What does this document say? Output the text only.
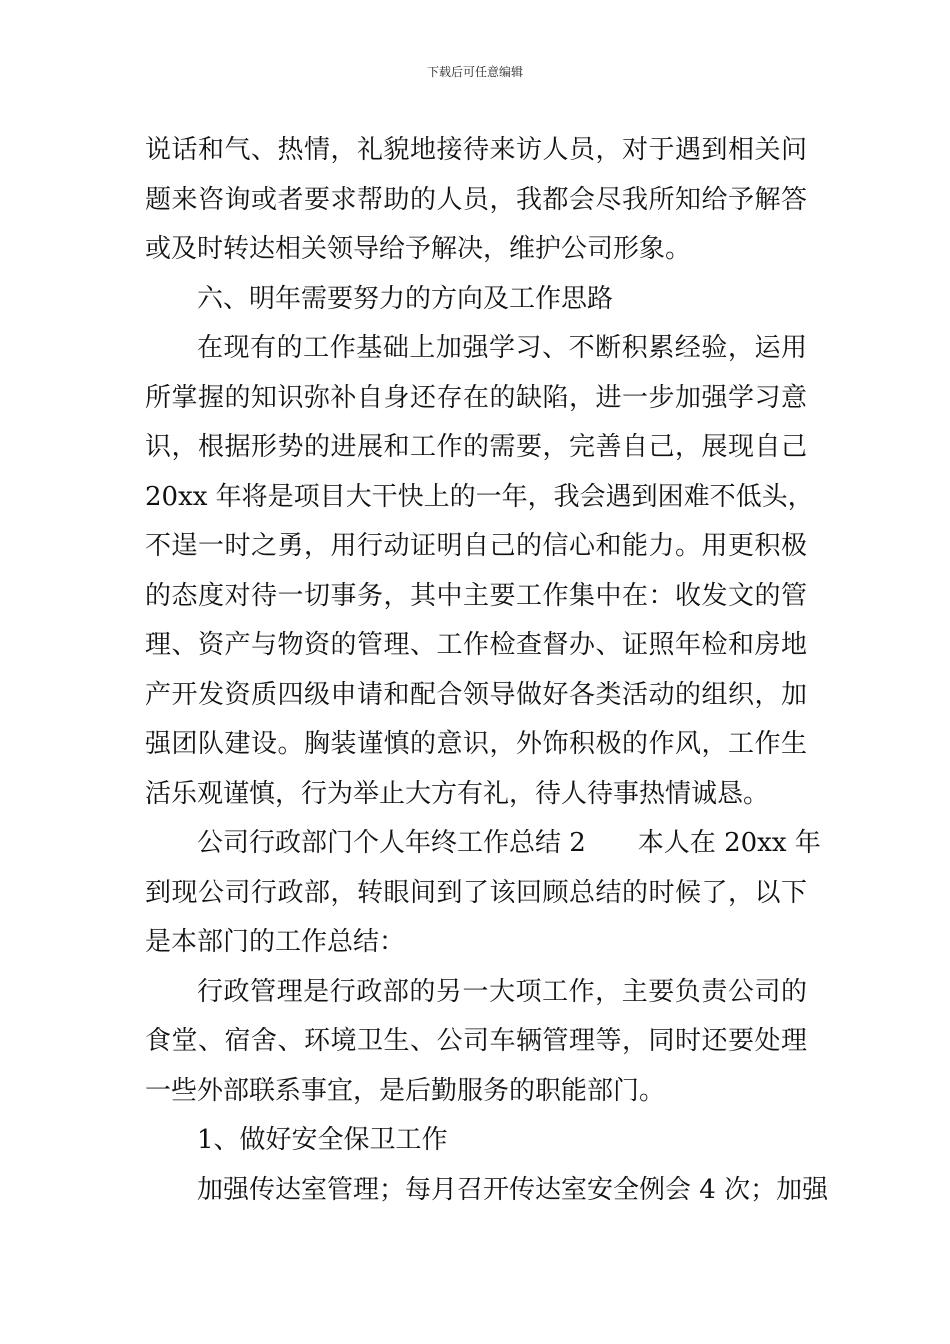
下载后可任意编辑
说话和气、热情，礼貌地接待来访人员，对于遇到相关问
题来咨询或者要求帮助的人员，我都会尽我所知给予解答
或及时转达相关领导给予解决，维护公司形象。
六、明年需要努力的方向及工作思路
在现有的工作基础上加强学习、不断积累经验，运用
所掌握的知识弥补自身还存在的缺陷，进一步加强学习意
识，根据形势的进展和工作的需要，完善自己，展现自己
20xx 年将是项目大干快上的一年，我会遇到困难不低头，
不逞一时之勇，用行动证明自己的信心和能力。用更积极
的态度对待一切事务，其中主要工作集中在：收发文的管
理、资产与物资的管理、工作检查督办、证照年检和房地
产开发资质四级申请和配合领导做好各类活动的组织，加
强团队建设。胸装谨慎的意识，外饰积极的作风，工作生
活乐观谨慎，行为举止大方有礼，待人待事热情诚恳。
公司行政部门个人年终工作总结 2　　本人在 20xx 年
到现公司行政部，转眼间到了该回顾总结的时候了，以下
是本部门的工作总结：
行政管理是行政部的另一大项工作，主要负责公司的
食堂、宿舍、环境卫生、公司车辆管理等，同时还要处理
一些外部联系事宜，是后勤服务的职能部门。
1、做好安全保卫工作
加强传达室管理；每月召开传达室安全例会 4 次；加强
